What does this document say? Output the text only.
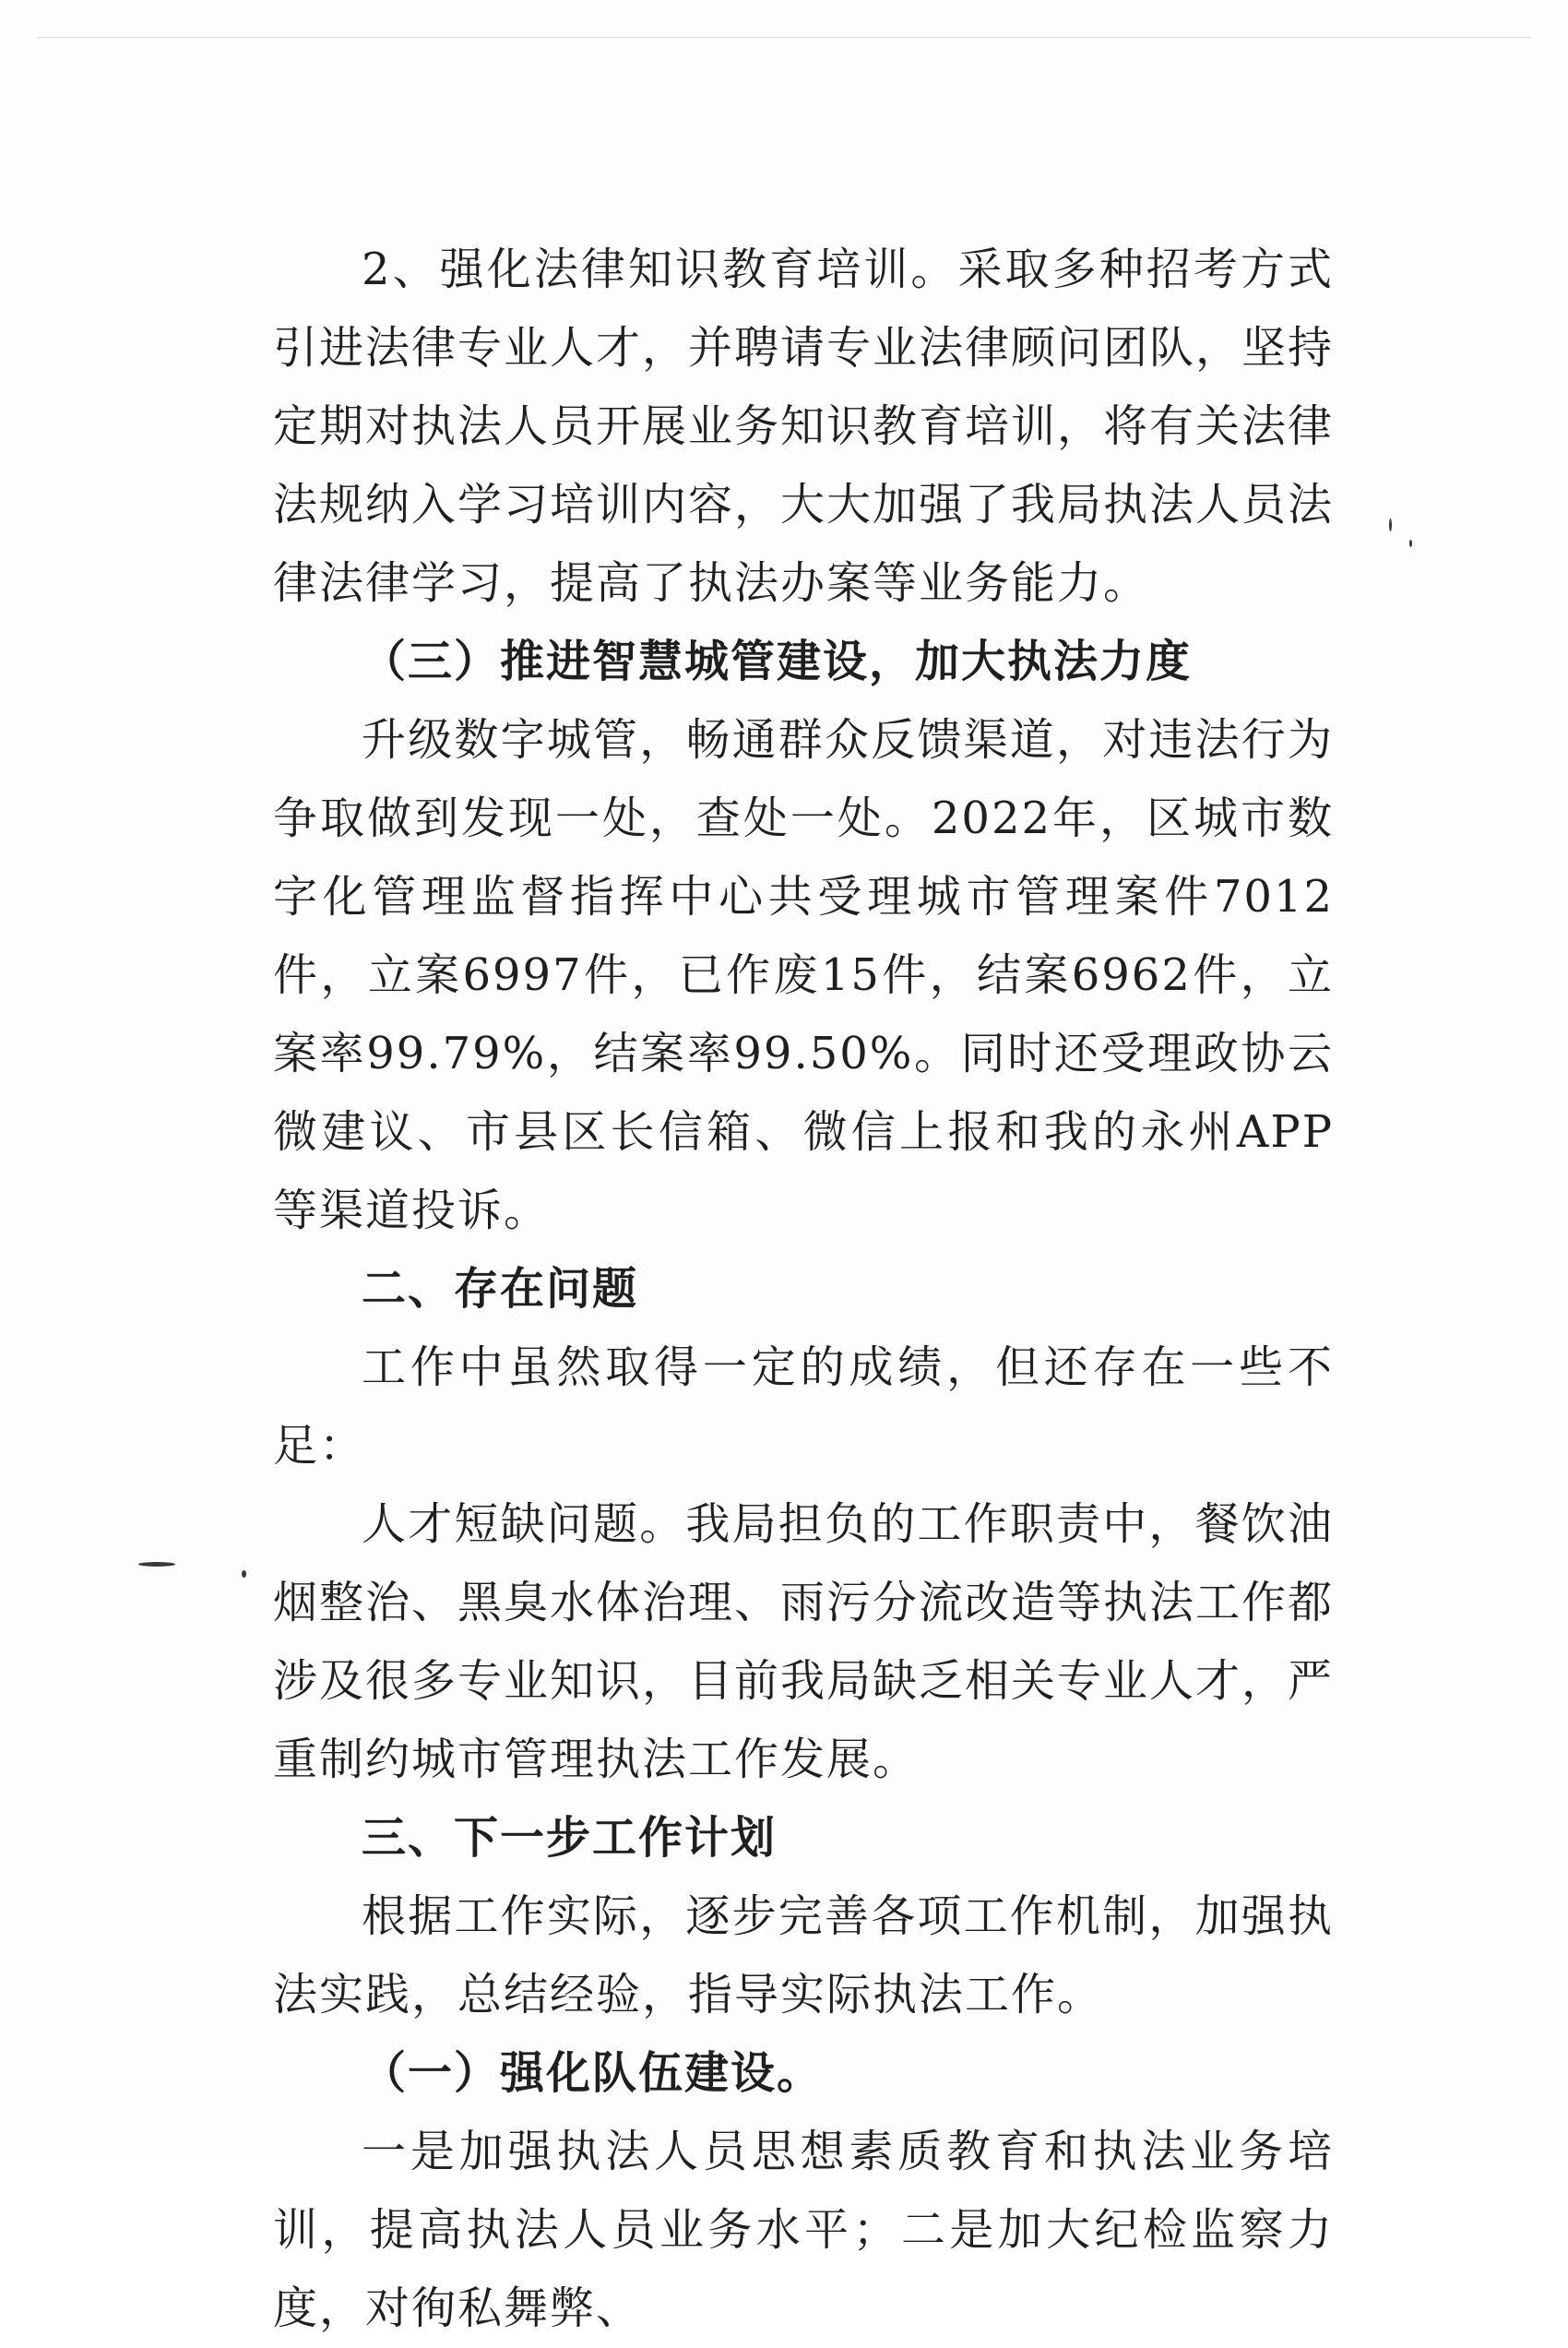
2、强化法律知识教育培训。采取多种招考方式引进法律专业人才，并聘请专业法律顾问团队，坚持定期对执法人员开展业务知识教育培训，将有关法律法规纳入学习培训内容，大大加强了我局执法人员法律法律学习，提高了执法办案等业务能力。

（三）推进智慧城管建设，加大执法力度

升级数字城管，畅通群众反馈渠道，对违法行为争取做到发现一处，查处一处。2022年，区城市数字化管理监督指挥中心共受理城市管理案件7012件，立案6997件，已作废15件，结案6962件，立案率99.79%，结案率99.50%。同时还受理政协云微建议、市县区长信箱、微信上报和我的永州APP等渠道投诉。

二、存在问题

工作中虽然取得一定的成绩，但还存在一些不足：

人才短缺问题。我局担负的工作职责中，餐饮油烟整治、黑臭水体治理、雨污分流改造等执法工作都涉及很多专业知识，目前我局缺乏相关专业人才，严重制约城市管理执法工作发展。

三、下一步工作计划

根据工作实际，逐步完善各项工作机制，加强执法实践，总结经验，指导实际执法工作。

（一）强化队伍建设。

一是加强执法人员思想素质教育和执法业务培训，提高执法人员业务水平；二是加大纪检监察力度，对徇私舞弊、
